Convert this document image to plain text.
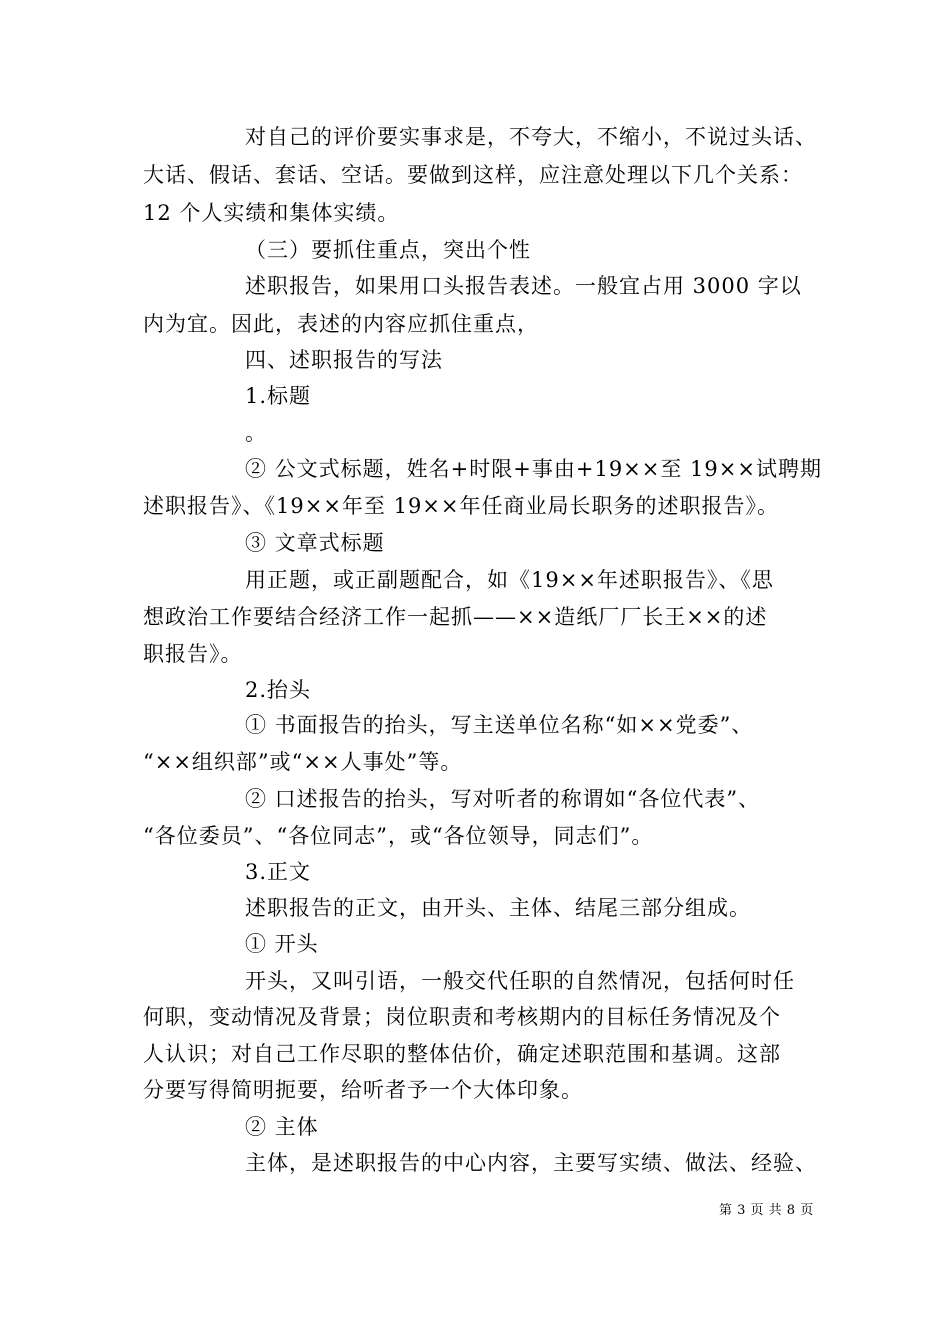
对自己的评价要实事求是，不夸大，不缩小，不说过头话、
大话、假话、套话、空话。要做到这样，应注意处理以下几个关系：
12 个人实绩和集体实绩。
（三）要抓住重点，突出个性
述职报告，如果用口头报告表述。一般宜占用 3000 字以
内为宜。因此，表述的内容应抓住重点，
四、述职报告的写法
1.标题
。
② 公文式标题，姓名+时限+事由+19××至 19××试聘期
述职报告》、《19××年至 19××年任商业局长职务的述职报告》。
③ 文章式标题
用正题，或正副题配合，如《19××年述职报告》、《思
想政治工作要结合经济工作一起抓——××造纸厂厂长王××的述
职报告》。
2.抬头
① 书面报告的抬头，写主送单位名称“如××党委”、
“××组织部”或“××人事处”等。
② 口述报告的抬头，写对听者的称谓如“各位代表”、
“各位委员”、“各位同志”，或“各位领导，同志们”。
3.正文
述职报告的正文，由开头、主体、结尾三部分组成。
① 开头
开头，又叫引语，一般交代任职的自然情况，包括何时任
何职，变动情况及背景；岗位职责和考核期内的目标任务情况及个
人认识；对自己工作尽职的整体估价，确定述职范围和基调。这部
分要写得简明扼要，给听者予一个大体印象。
② 主体
主体，是述职报告的中心内容，主要写实绩、做法、经验、
第 3 页 共 8 页
